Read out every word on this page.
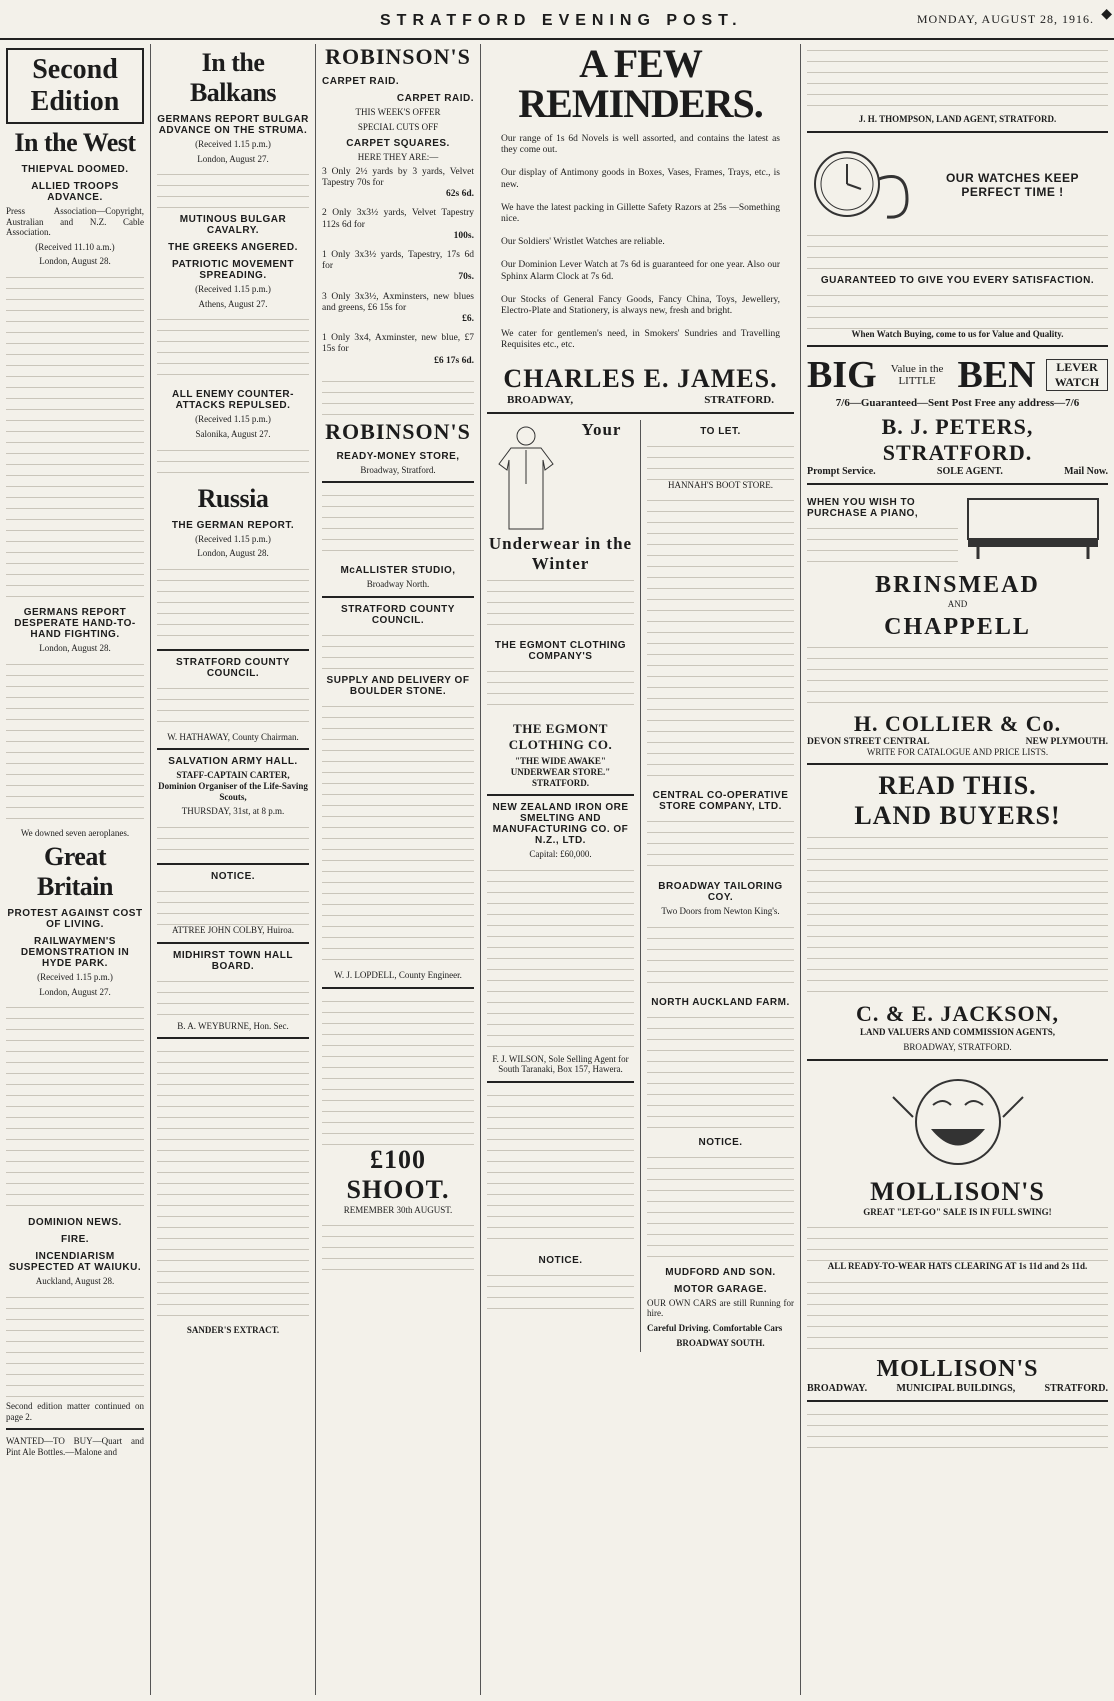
STRATFORD EVENING POST.	MONDAY, AUGUST 28, 1916. ◆
Second Edition
In the West
THIEPVAL DOOMED.
ALLIED TROOPS ADVANCE.

Press Association—Copyright, Australian and N.Z. Cable Association.

(Received 11.10 a.m.)

London, August 28.

GERMANS REPORT DESPERATE HAND-TO-HAND FIGHTING.

London, August 28.

We downed seven aeroplanes.

Great Britain
PROTEST AGAINST COST OF LIVING.
RAILWAYMEN'S DEMONSTRATION IN HYDE PARK.

(Received 1.15 p.m.)

London, August 27.

DOMINION NEWS.
FIRE.
INCENDIARISM SUSPECTED AT WAIUKU.

Auckland, August 28.

Second edition matter continued on page 2.

WANTED—TO BUY—Quart and Pint Ale Bottles.—Malone and

In the Balkans
GERMANS REPORT BULGAR ADVANCE ON THE STRUMA.

(Received 1.15 p.m.)

London, August 27.

MUTINOUS BULGAR CAVALRY.
THE GREEKS ANGERED.
PATRIOTIC MOVEMENT SPREADING.

(Received 1.15 p.m.)

Athens, August 27.

ALL ENEMY COUNTER-ATTACKS REPULSED.

(Received 1.15 p.m.)

Salonika, August 27.

Russia
THE GERMAN REPORT.

(Received 1.15 p.m.)

London, August 28.

STRATFORD COUNTY COUNCIL.

W. HATHAWAY, County Chairman.

SALVATION ARMY HALL.

STAFF-CAPTAIN CARTER, Dominion Organiser of the Life-Saving Scouts,

THURSDAY, 31st, at 8 p.m.

NOTICE.

ATTREE JOHN COLBY, Huiroa.

MIDHIRST TOWN HALL BOARD.

B. A. WEYBURNE, Hon. Sec.

SANDER'S EXTRACT.

ROBINSON'S
CARPET RAID.
CARPET RAID.

THIS WEEK'S OFFER

SPECIAL CUTS OFF

CARPET SQUARES.

HERE THEY ARE:—

3 Only 2½ yards by 3 yards, Velvet Tapestry 70s for

62s 6d.

2 Only 3x3½ yards, Velvet Tapestry 112s 6d for

100s.

1 Only 3x3½ yards, Tapestry, 17s 6d for

70s.

3 Only 3x3½, Axminsters, new blues and greens, £6 15s for

£6.

1 Only 3x4, Axminster, new blue, £7 15s for

£6 17s 6d.

ROBINSON'S
READY-MONEY STORE,

Broadway, Stratford.

McALLISTER STUDIO,

Broadway North.

STRATFORD COUNTY COUNCIL.
SUPPLY AND DELIVERY OF BOULDER STONE.

W. J. LOPDELL, County Engineer.

£100 SHOOT.

REMEMBER 30th AUGUST.

A FEW REMINDERS.

Our range of 1s 6d Novels is well assorted, and contains the latest as they come out.

Our display of Antimony goods in Boxes, Vases, Frames, Trays, etc., is new.

We have the latest packing in Gillette Safety Razors at 25s —Something nice.

Our Soldiers' Wristlet Watches are reliable.

Our Dominion Lever Watch at 7s 6d is guaranteed for one year. Also our Sphinx Alarm Clock at 7s 6d.

Our Stocks of General Fancy Goods, Fancy China, Toys, Jewellery, Electro-Plate and Stationery, is always new, fresh and bright.

We cater for gentlemen's need, in Smokers' Sundries and Travelling Requisites etc., etc.

CHARLES E. JAMES.
BROADWAY,	STRATFORD.
Your Underwear in the Winter
THE EGMONT CLOTHING COMPANY'S
THE EGMONT CLOTHING CO.

"THE WIDE AWAKE" UNDERWEAR STORE." STRATFORD.

NEW ZEALAND IRON ORE SMELTING AND MANUFACTURING CO. OF N.Z., LTD.

Capital: £60,000.

F. J. WILSON, Sole Selling Agent for South Taranaki, Box 157, Hawera.

NOTICE.
TO LET.

HANNAH'S BOOT STORE.

CENTRAL CO-OPERATIVE STORE COMPANY, LTD.
BROADWAY TAILORING COY.

Two Doors from Newton King's.

NORTH AUCKLAND FARM.
NOTICE.
MUDFORD AND SON.
MOTOR GARAGE.

OUR OWN CARS are still Running for hire.

Careful Driving. Comfortable Cars

BROADWAY SOUTH.

J. H. THOMPSON, LAND AGENT, STRATFORD.

OUR WATCHES KEEP PERFECT TIME !
GUARANTEED TO GIVE YOU EVERY SATISFACTION.

When Watch Buying, come to us for Value and Quality.

BIG	Value in the LITTLE BEN	LEVER WATCH

7/6—Guaranteed—Sent Post Free any address—7/6

B. J. PETERS, STRATFORD.
Prompt Service.	SOLE AGENT.	Mail Now.
WHEN YOU WISH TO PURCHASE A PIANO,
BRINSMEAD

AND

CHAPPELL
H. COLLIER & Co.
DEVON STREET CENTRAL	NEW PLYMOUTH.

WRITE FOR CATALOGUE AND PRICE LISTS.

READ THIS.
LAND BUYERS!
C. & E. JACKSON,

LAND VALUERS AND COMMISSION AGENTS,

BROADWAY, STRATFORD.

MOLLISON'S

GREAT "LET-GO" SALE IS IN FULL SWING!

ALL READY-TO-WEAR HATS CLEARING AT 1s 11d and 2s 11d.

MOLLISON'S
BROADWAY.	MUNICIPAL BUILDINGS,	STRATFORD.
